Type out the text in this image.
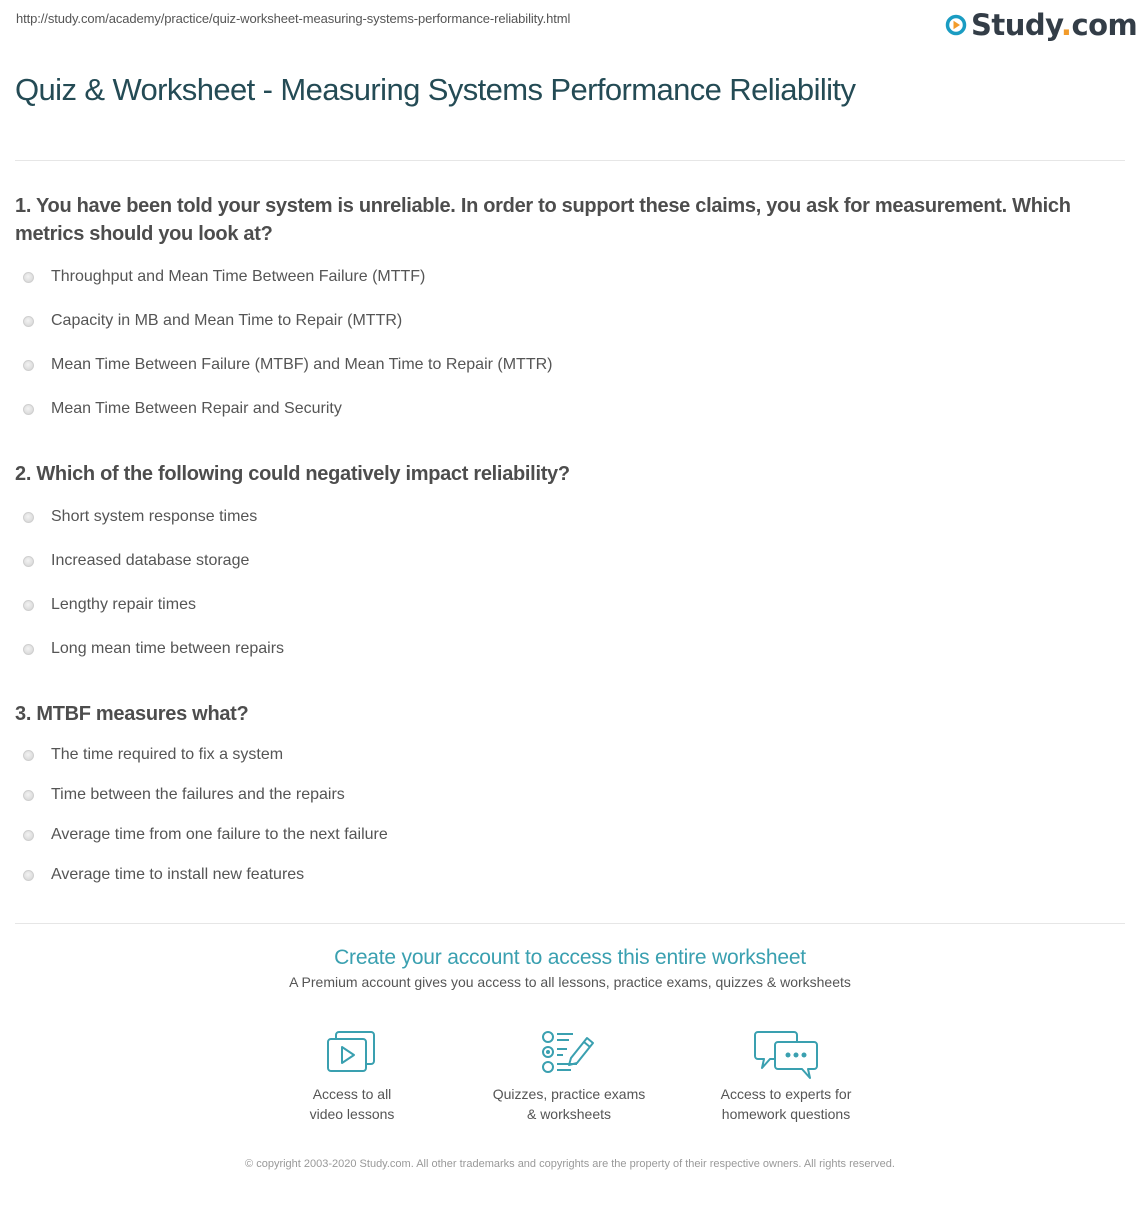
http://study.com/academy/practice/quiz-worksheet-measuring-systems-performance-reliability.html	Study.com
Quiz & Worksheet - Measuring Systems Performance Reliability
1. You have been told your system is unreliable. In order to support these claims, you ask for measurement. Which metrics should you look at?
Throughput and Mean Time Between Failure (MTTF)
Capacity in MB and Mean Time to Repair (MTTR)
Mean Time Between Failure (MTBF) and Mean Time to Repair (MTTR)
Mean Time Between Repair and Security
2. Which of the following could negatively impact reliability?
Short system response times
Increased database storage
Lengthy repair times
Long mean time between repairs
3. MTBF measures what?
The time required to fix a system
Time between the failures and the repairs
Average time from one failure to the next failure
Average time to install new features
Create your account to access this entire worksheet
A Premium account gives you access to all lessons, practice exams, quizzes & worksheets
Access to all
video lessons
Quizzes, practice exams
& worksheets
Access to experts for
homework questions
© copyright 2003-2020 Study.com. All other trademarks and copyrights are the property of their respective owners. All rights reserved.
